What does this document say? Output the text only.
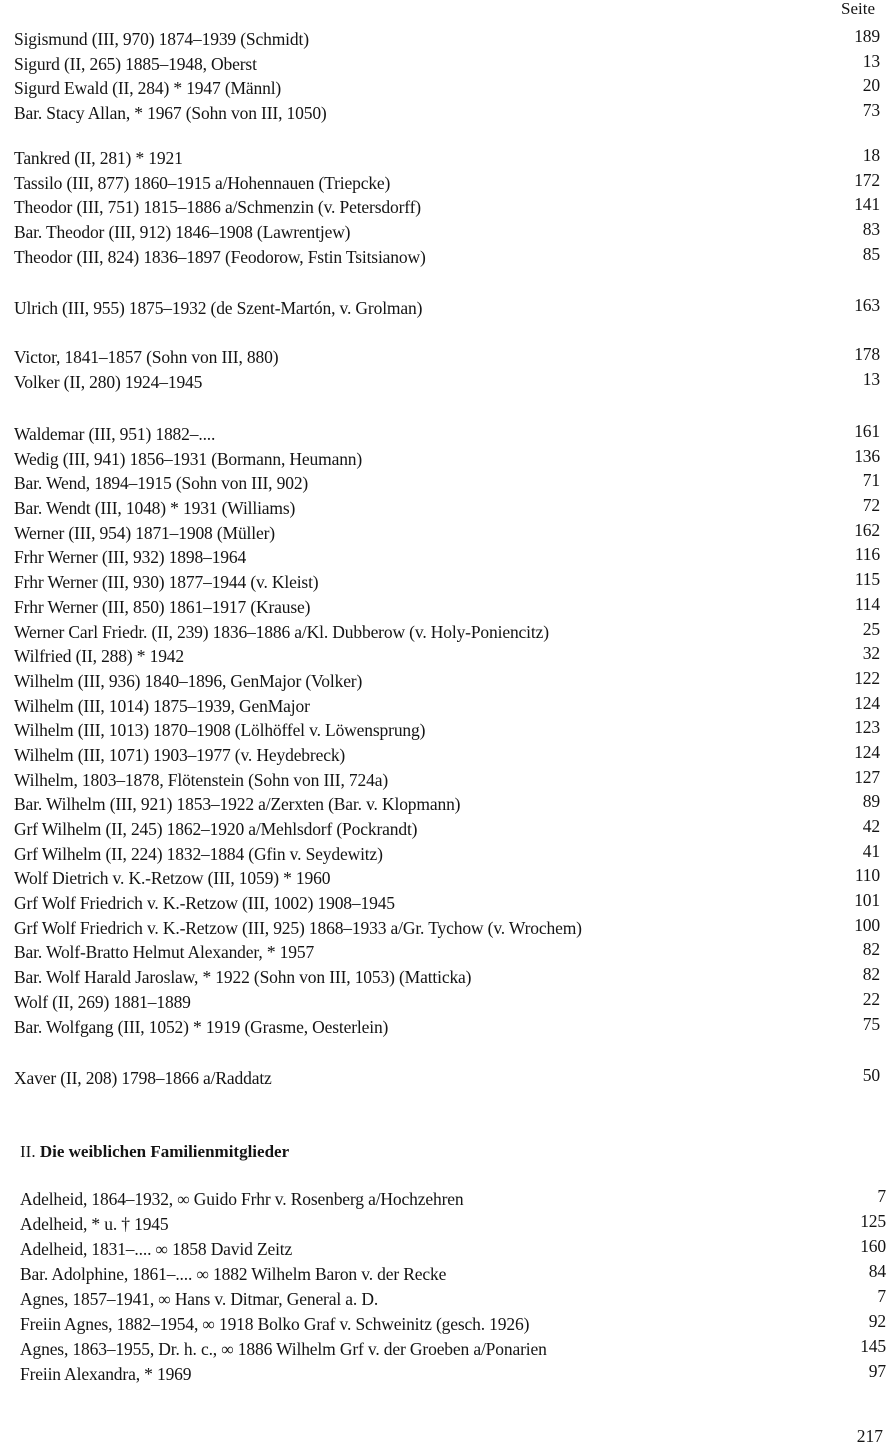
Seite
Sigismund (III, 970) 1874–1939 (Schmidt)	189
Sigurd (II, 265) 1885–1948, Oberst	13
Sigurd Ewald (II, 284) * 1947 (Männl)	20
Bar. Stacy Allan, * 1967 (Sohn von III, 1050)	73
Tankred (II, 281) * 1921	18
Tassilo (III, 877) 1860–1915 a/Hohennauen (Triepcke)	172
Theodor (III, 751) 1815–1886 a/Schmenzin (v. Petersdorff)	141
Bar. Theodor (III, 912) 1846–1908 (Lawrentjew)	83
Theodor (III, 824) 1836–1897 (Feodorow, Fstin Tsitsianow)	85
Ulrich (III, 955) 1875–1932 (de Szent-Martón, v. Grolman)	163
Victor, 1841–1857 (Sohn von III, 880)	178
Volker (II, 280) 1924–1945	13
Waldemar (III, 951) 1882–....	161
Wedig (III, 941) 1856–1931 (Bormann, Heumann)	136
Bar. Wend, 1894–1915 (Sohn von III, 902)	71
Bar. Wendt (III, 1048) * 1931 (Williams)	72
Werner (III, 954) 1871–1908 (Müller)	162
Frhr Werner (III, 932) 1898–1964	116
Frhr Werner (III, 930) 1877–1944 (v. Kleist)	115
Frhr Werner (III, 850) 1861–1917 (Krause)	114
Werner Carl Friedr. (II, 239) 1836–1886 a/Kl. Dubberow (v. Holy-Poniencitz)	25
Wilfried (II, 288) * 1942	32
Wilhelm (III, 936) 1840–1896, GenMajor (Volker)	122
Wilhelm (III, 1014) 1875–1939, GenMajor	124
Wilhelm (III, 1013) 1870–1908 (Lölhöffel v. Löwensprung)	123
Wilhelm (III, 1071) 1903–1977 (v. Heydebreck)	124
Wilhelm, 1803–1878, Flötenstein (Sohn von III, 724a)	127
Bar. Wilhelm (III, 921) 1853–1922 a/Zerxten (Bar. v. Klopmann)	89
Grf Wilhelm (II, 245) 1862–1920 a/Mehlsdorf (Pockrandt)	42
Grf Wilhelm (II, 224) 1832–1884 (Gfin v. Seydewitz)	41
Wolf Dietrich v. K.-Retzow (III, 1059) * 1960	110
Grf Wolf Friedrich v. K.-Retzow (III, 1002) 1908–1945	101
Grf Wolf Friedrich v. K.-Retzow (III, 925) 1868–1933 a/Gr. Tychow (v. Wrochem)	100
Bar. Wolf-Bratto Helmut Alexander, * 1957	82
Bar. Wolf Harald Jaroslaw, * 1922 (Sohn von III, 1053) (Matticka)	82
Wolf (II, 269) 1881–1889	22
Bar. Wolfgang (III, 1052) * 1919 (Grasme, Oesterlein)	75
Xaver (II, 208) 1798–1866 a/Raddatz	50
II. Die weiblichen Familienmitglieder
Adelheid, 1864–1932, ∞ Guido Frhr v. Rosenberg a/Hochzehren	7
Adelheid, * u. † 1945	125
Adelheid, 1831–.... ∞ 1858 David Zeitz	160
Bar. Adolphine, 1861–.... ∞ 1882 Wilhelm Baron v. der Recke	84
Agnes, 1857–1941, ∞ Hans v. Ditmar, General a. D.	7
Freiin Agnes, 1882–1954, ∞ 1918 Bolko Graf v. Schweinitz (gesch. 1926)	92
Agnes, 1863–1955, Dr. h. c., ∞ 1886 Wilhelm Grf v. der Groeben a/Ponarien	145
Freiin Alexandra, * 1969	97
217
